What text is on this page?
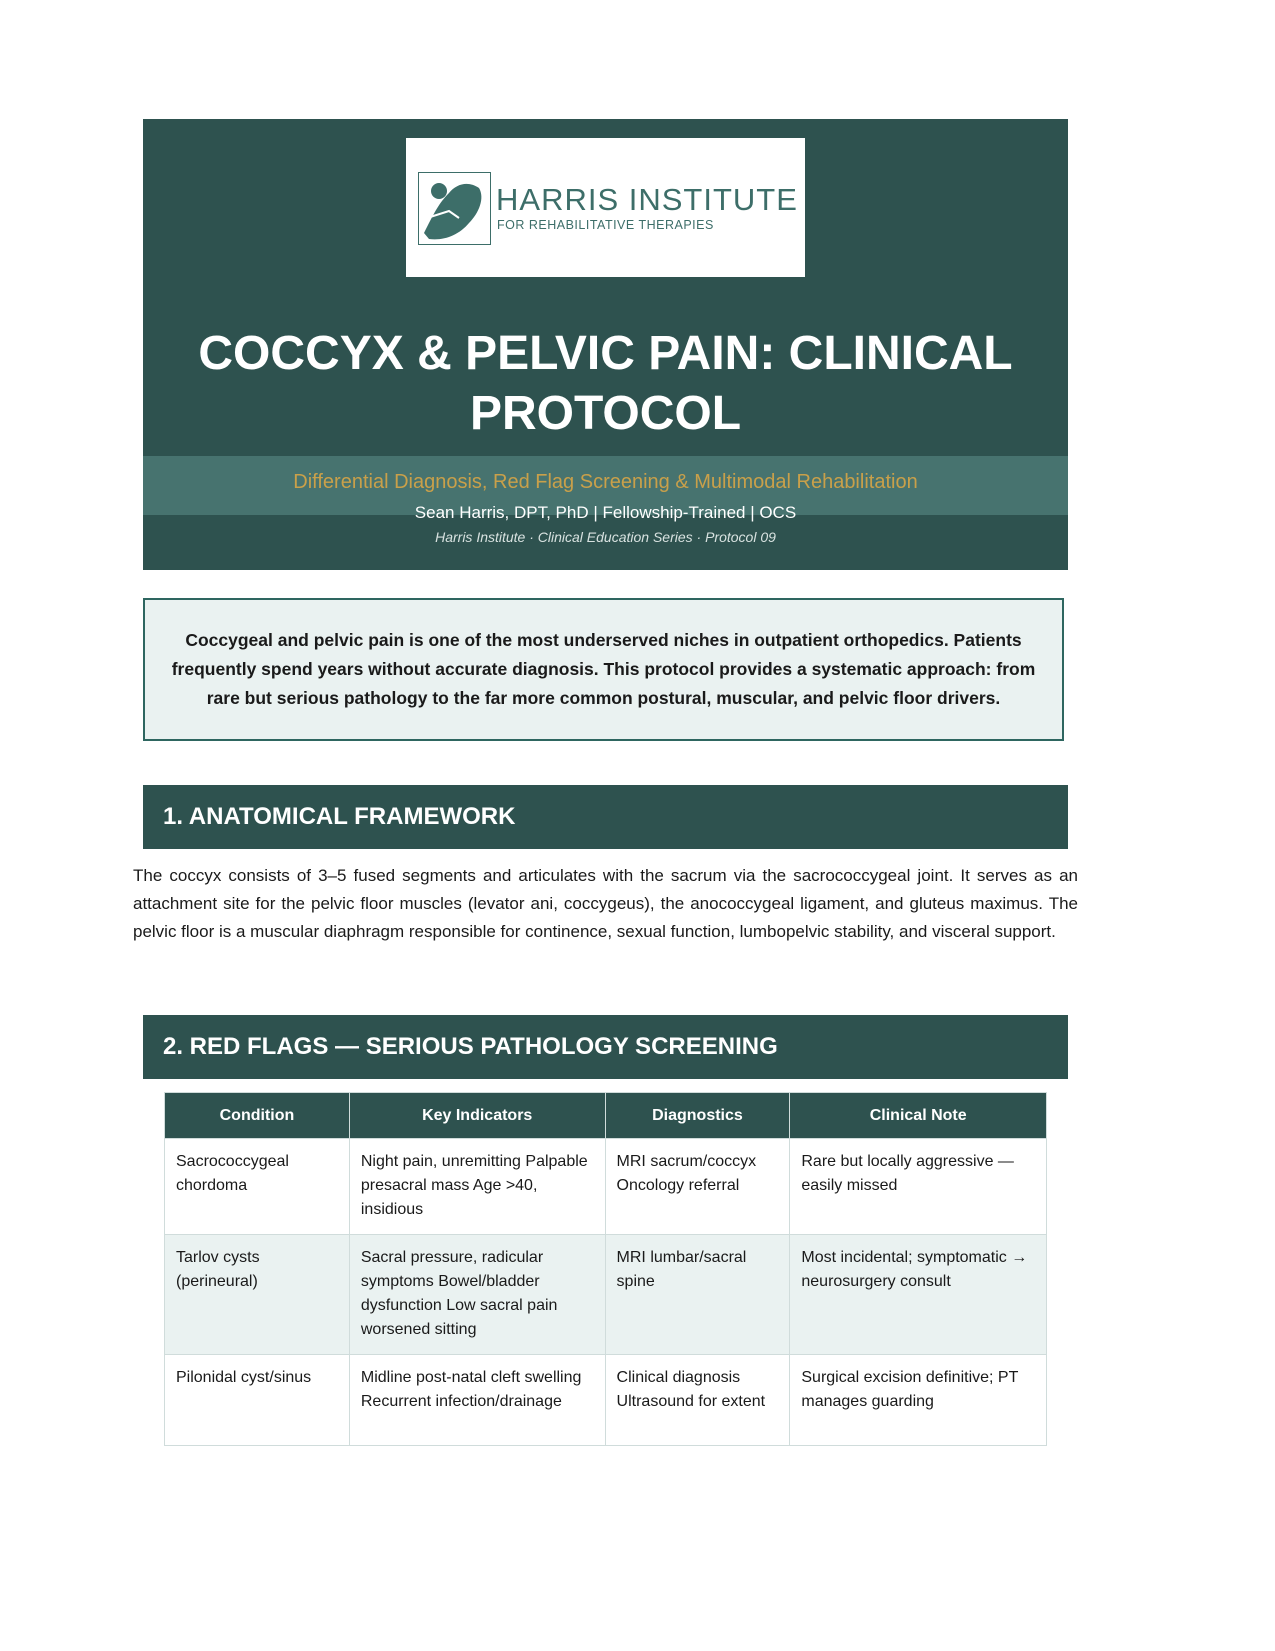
HARRIS INSTITUTE
FOR REHABILITATIVE THERAPIES
COCCYX & PELVIC PAIN: CLINICAL PROTOCOL
Differential Diagnosis, Red Flag Screening & Multimodal Rehabilitation
Sean Harris, DPT, PhD | Fellowship-Trained | OCS
Harris Institute · Clinical Education Series · Protocol 09
Coccygeal and pelvic pain is one of the most underserved niches in outpatient orthopedics. Patients frequently spend years without accurate diagnosis. This protocol provides a systematic approach: from rare but serious pathology to the far more common postural, muscular, and pelvic floor drivers.
1. ANATOMICAL FRAMEWORK
The coccyx consists of 3–5 fused segments and articulates with the sacrum via the sacrococcygeal joint. It serves as an attachment site for the pelvic floor muscles (levator ani, coccygeus), the anococcygeal ligament, and gluteus maximus. The pelvic floor is a muscular diaphragm responsible for continence, sexual function, lumbopelvic stability, and visceral support.
2. RED FLAGS — SERIOUS PATHOLOGY SCREENING
Condition	Key Indicators	Diagnostics	Clinical Note
Sacrococcygeal chordoma	Night pain, unremitting Palpable presacral mass Age >40, insidious	MRI sacrum/coccyx Oncology referral	Rare but locally aggressive — easily missed
Tarlov cysts (perineural)	Sacral pressure, radicular symptoms Bowel/bladder dysfunction Low sacral pain worsened sitting	MRI lumbar/sacral spine	Most incidental; symptomatic → neurosurgery consult
Pilonidal cyst/sinus	Midline post-natal cleft swelling Recurrent infection/drainage	Clinical diagnosis Ultrasound for extent	Surgical excision definitive; PT manages guarding
